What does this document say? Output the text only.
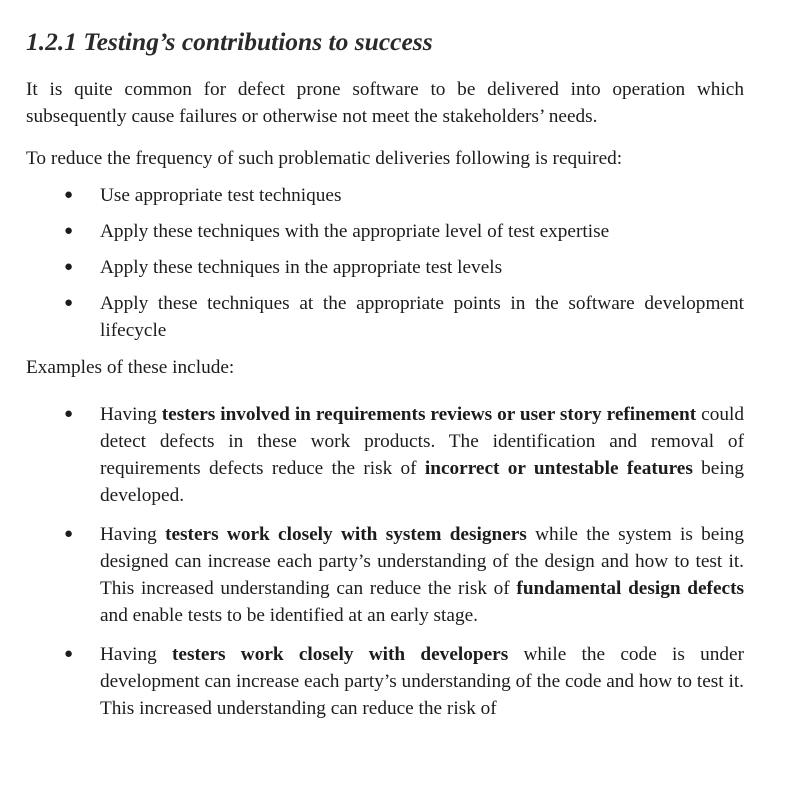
1.2.1 Testing’s contributions to success

It is quite common for defect prone software to be delivered into operation which subsequently cause failures or otherwise not meet the stakeholders’ needs.

To reduce the frequency of such problematic deliveries following is required:

● Use appropriate test techniques
● Apply these techniques with the appropriate level of test expertise
● Apply these techniques in the appropriate test levels
● Apply these techniques at the appropriate points in the software development lifecycle

Examples of these include:

● Having testers involved in requirements reviews or user story refinement could detect defects in these work products. The identification and removal of requirements defects reduce the risk of incorrect or untestable features being developed.
● Having testers work closely with system designers while the system is being designed can increase each party’s understanding of the design and how to test it. This increased understanding can reduce the risk of fundamental design defects and enable tests to be identified at an early stage.
● Having testers work closely with developers while the code is under development can increase each party’s understanding of the code and how to test it. This increased understanding can reduce the risk of
